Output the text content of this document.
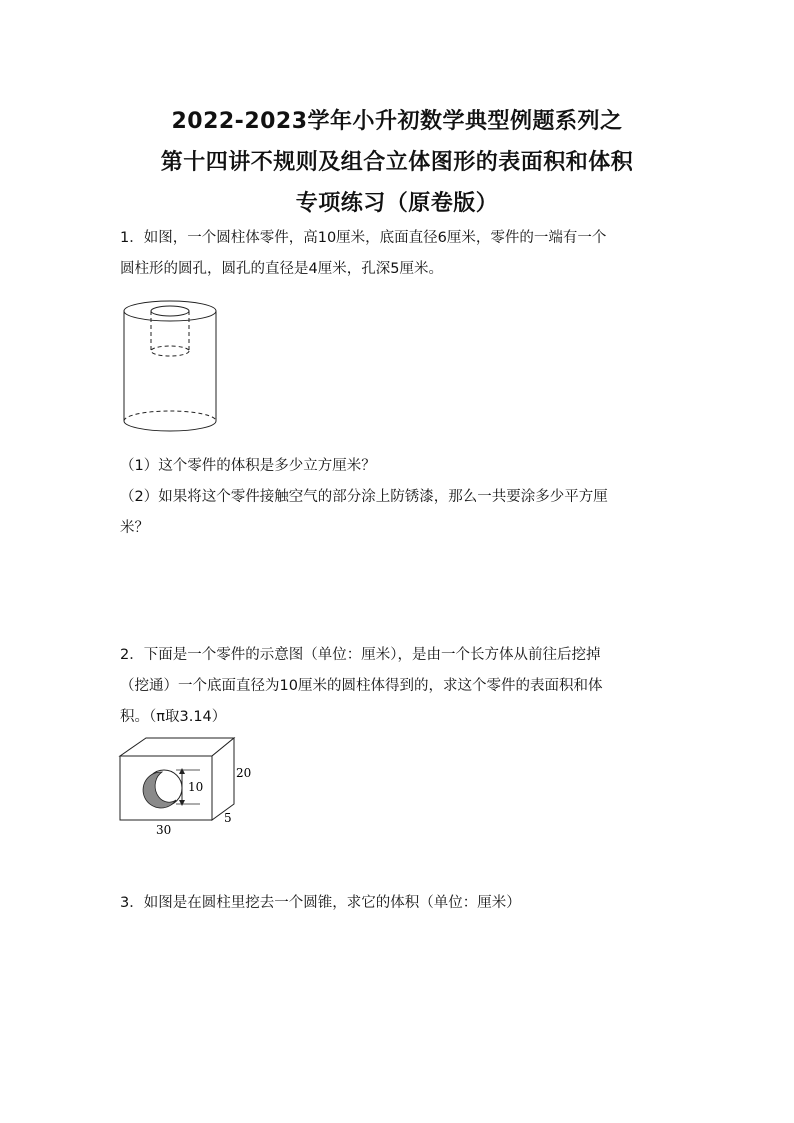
2022-2023学年小升初数学典型例题系列之
第十四讲不规则及组合立体图形的表面积和体积
专项练习（原卷版）
1．如图，一个圆柱体零件，高10厘米，底面直径6厘米，零件的一端有一个
圆柱形的圆孔，圆孔的直径是4厘米，孔深5厘米。
（1）这个零件的体积是多少立方厘米？
（2）如果将这个零件接触空气的部分涂上防锈漆，那么一共要涂多少平方厘
米？
2．下面是一个零件的示意图（单位：厘米），是由一个长方体从前往后挖掉
（挖通）一个底面直径为10厘米的圆柱体得到的，求这个零件的表面积和体
积。（π取3.14）
10
20
5
30
3．如图是在圆柱里挖去一个圆锥，求它的体积（单位：厘米）
